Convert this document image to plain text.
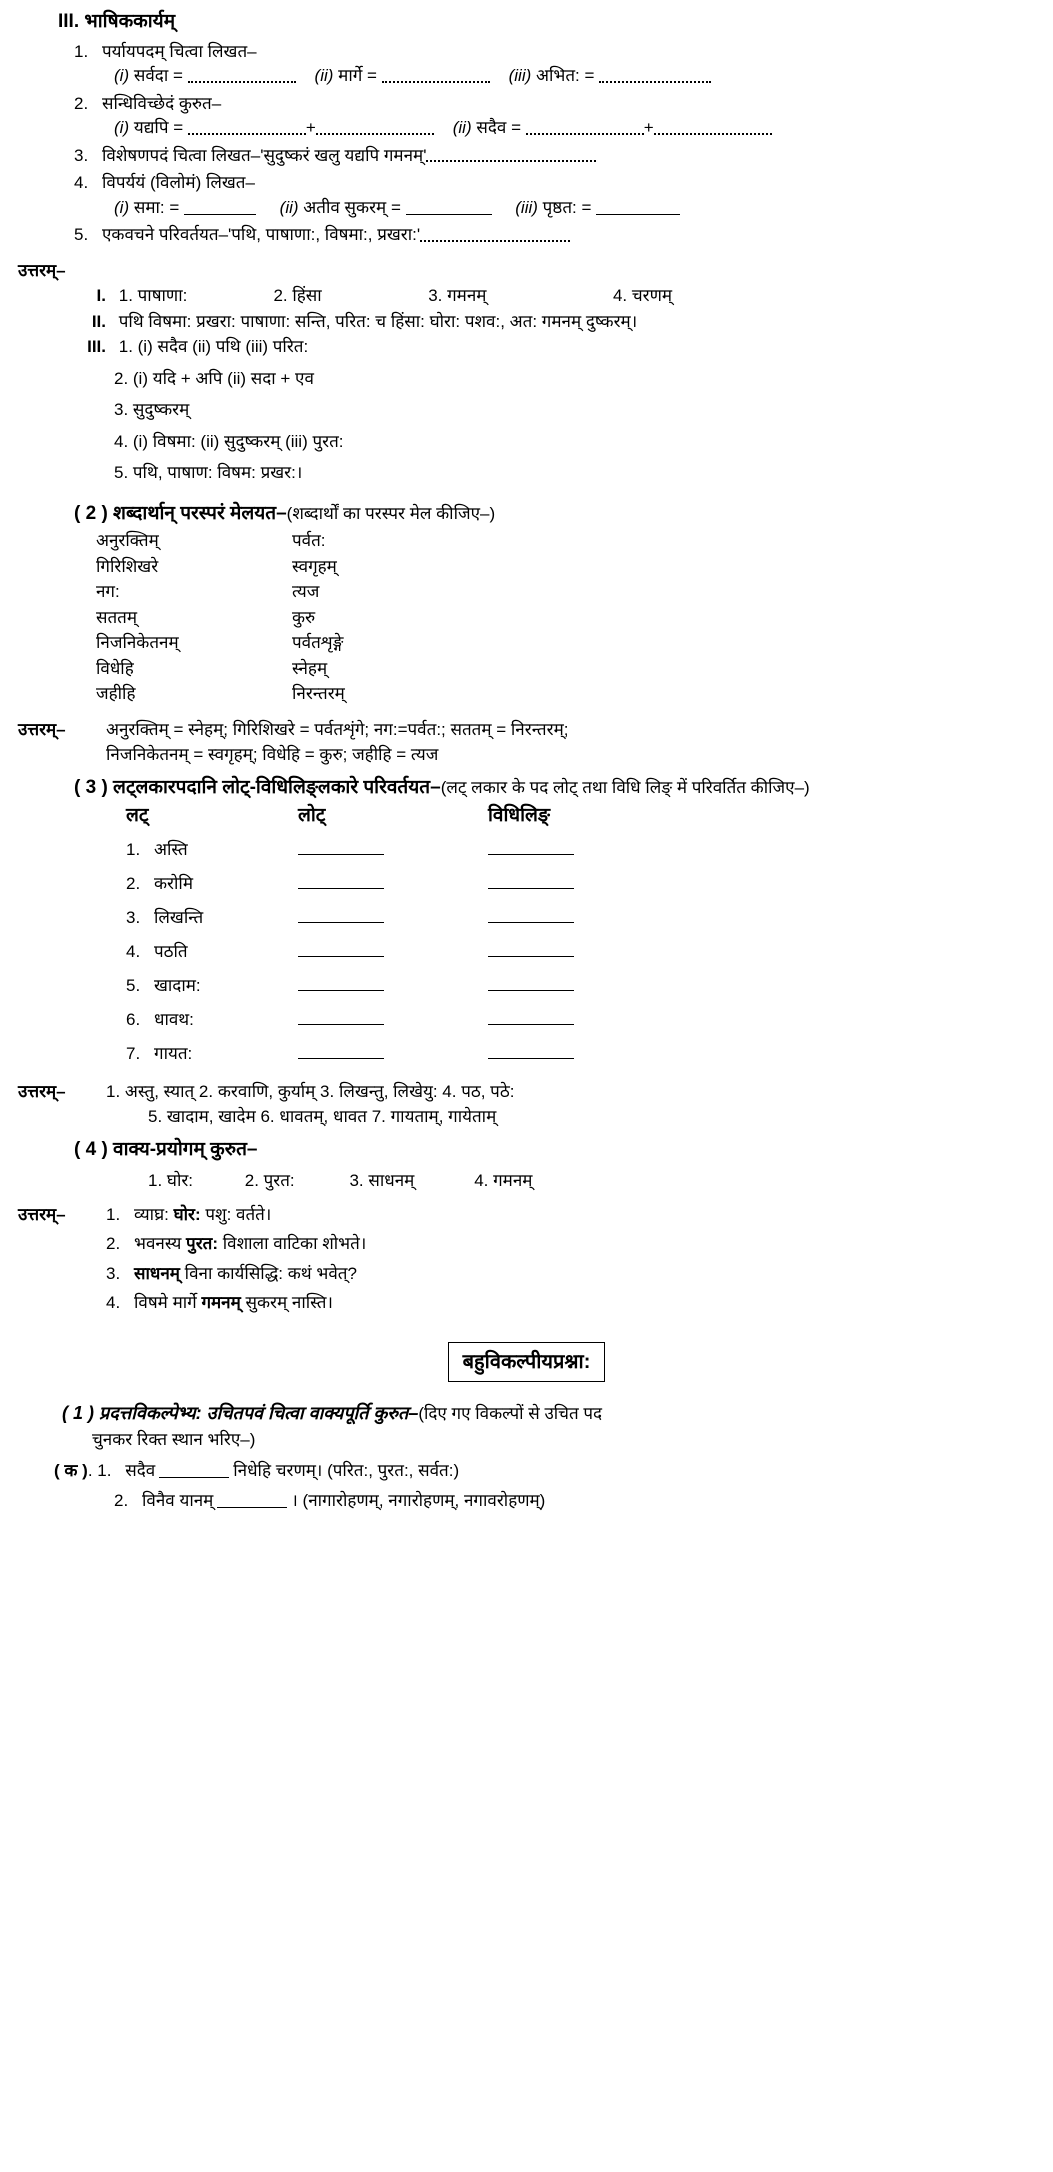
III. भाषिककार्यम्
1. पर्यायपदम् चित्वा लिखत–
(i) सर्वदा =	(ii) मार्गे =	(iii) अभित: =
2. सन्धिविच्छेदं कुरुत–
(i) यद्यपि =	+	(ii) सदैव =	+
3. विशेषणपदं चित्वा लिखत–'सुदुष्करं खलु यद्यपि गमनम्'
4. विपर्ययं (विलोमं) लिखत–
(i) समा: =	(ii) अतीव सुकरम् =	(iii) पृष्ठत: =
5. एकवचने परिवर्तयत–'पथि, पाषाणा:, विषमा:, प्रखरा:'
उत्तरम्–
I. 1. पाषाणा:	2. हिंसा	3. गमनम्	4. चरणम्
II. पथि विषमा: प्रखरा: पाषाणा: सन्ति, परित: च हिंसा: घोरा: पशव:, अत: गमनम् दुष्करम्।
III. 1. (i) सदैव (ii) पथि (iii) परित:
2. (i) यदि + अपि (ii) सदा + एव
3. सुदुष्करम्
4. (i) विषमा: (ii) सुदुष्करम् (iii) पुरत:
5. पथि, पाषाण: विषम: प्रखर:।
( 2 ) शब्दार्थान् परस्परं मेलयत–(शब्दार्थों का परस्पर मेल कीजिए–)
अनुरक्तिम्	पर्वत:
गिरिशिखरे	स्वगृहम्
नग:	त्यज
सततम्	कुरु
निजनिकेतनम्	पर्वतशृङ्गे
विधेहि	स्नेहम्
जहीहि	निरन्तरम्
उत्तरम्– अनुरक्तिम् = स्नेहम्; गिरिशिखरे = पर्वतशृंगे; नग:=पर्वत:; सततम् = निरन्तरम्;
निजनिकेतनम् = स्वगृहम्; विधेहि = कुरु; जहीहि = त्यज
( 3 ) लट्लकारपदानि लोट्-विधिलिङ्लकारे परिवर्तयत–(लट् लकार के पद लोट् तथा विधि लिङ् में परिवर्तित कीजिए–)
लट्	लोट्	विधिलिङ्
1. अस्ति
2. करोमि
3. लिखन्ति
4. पठति
5. खादाम:
6. धावथ:
7. गायत:
उत्तरम्– 1. अस्तु, स्यात् 2. करवाणि, कुर्याम् 3. लिखन्तु, लिखेयु: 4. पठ, पठे:
5. खादाम, खादेम 6. धावतम्, धावत 7. गायताम्, गायेताम्
( 4 ) वाक्य-प्रयोगम् कुरुत–
1. घोर:	2. पुरत:	3. साधनम्	4. गमनम्
उत्तरम्– 1. व्याघ्र: घोर: पशु: वर्तते।
2. भवनस्य पुरत: विशाला वाटिका शोभते।
3. साधनम् विना कार्यसिद्धि: कथं भवेत्?
4. विषमे मार्गे गमनम् सुकरम् नास्ति।
बहुविकल्पीयप्रश्ना:
( 1 ) प्रदत्तविकल्पेभ्य: उचितपवं चित्वा वाक्यपूर्ति कुरुत–(दिए गए विकल्पों से उचित पद
चुनकर रिक्त स्थान भरिए–)
( क ). 1. सदैव	निधेहि चरणम्। (परित:, पुरत:, सर्वत:)
2. विनैव यानम्	। (नागारोहणम्, नगारोहणम्, नगावरोहणम्)
